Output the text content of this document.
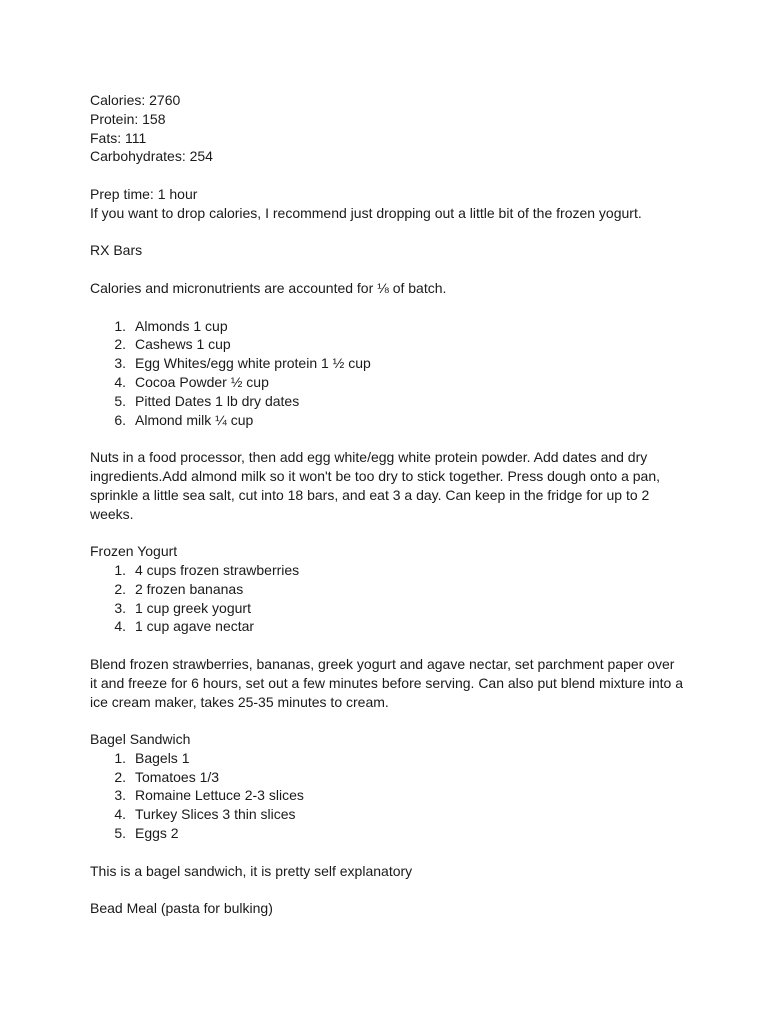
Calories: 2760

Protein: 158

Fats: 111

Carbohydrates: 254

Prep time: 1 hour

If you want to drop calories, I recommend just dropping out a little bit of the frozen yogurt.

RX Bars

Calories and micronutrients are accounted for ⅛ of batch.

1. Almonds 1 cup
2. Cashews 1 cup
3. Egg Whites/egg white protein 1 ½ cup
4. Cocoa Powder ½ cup
5. Pitted Dates 1 lb dry dates
6. Almond milk ¼ cup

Nuts in a food processor, then add egg white/egg white protein powder. Add dates and dry ingredients.Add almond milk so it won't be too dry to stick together. Press dough onto a pan, sprinkle a little sea salt, cut into 18 bars, and eat 3 a day. Can keep in the fridge for up to 2 weeks.

Frozen Yogurt

1. 4 cups frozen strawberries
2. 2 frozen bananas
3. 1 cup greek yogurt
4. 1 cup agave nectar

Blend frozen strawberries, bananas, greek yogurt and agave nectar, set parchment paper over it and freeze for 6 hours, set out a few minutes before serving. Can also put blend mixture into a ice cream maker, takes 25-35 minutes to cream.

Bagel Sandwich

1. Bagels 1
2. Tomatoes 1/3
3. Romaine Lettuce 2-3 slices
4. Turkey Slices 3 thin slices
5. Eggs 2

This is a bagel sandwich, it is pretty self explanatory

Bead Meal (pasta for bulking)
